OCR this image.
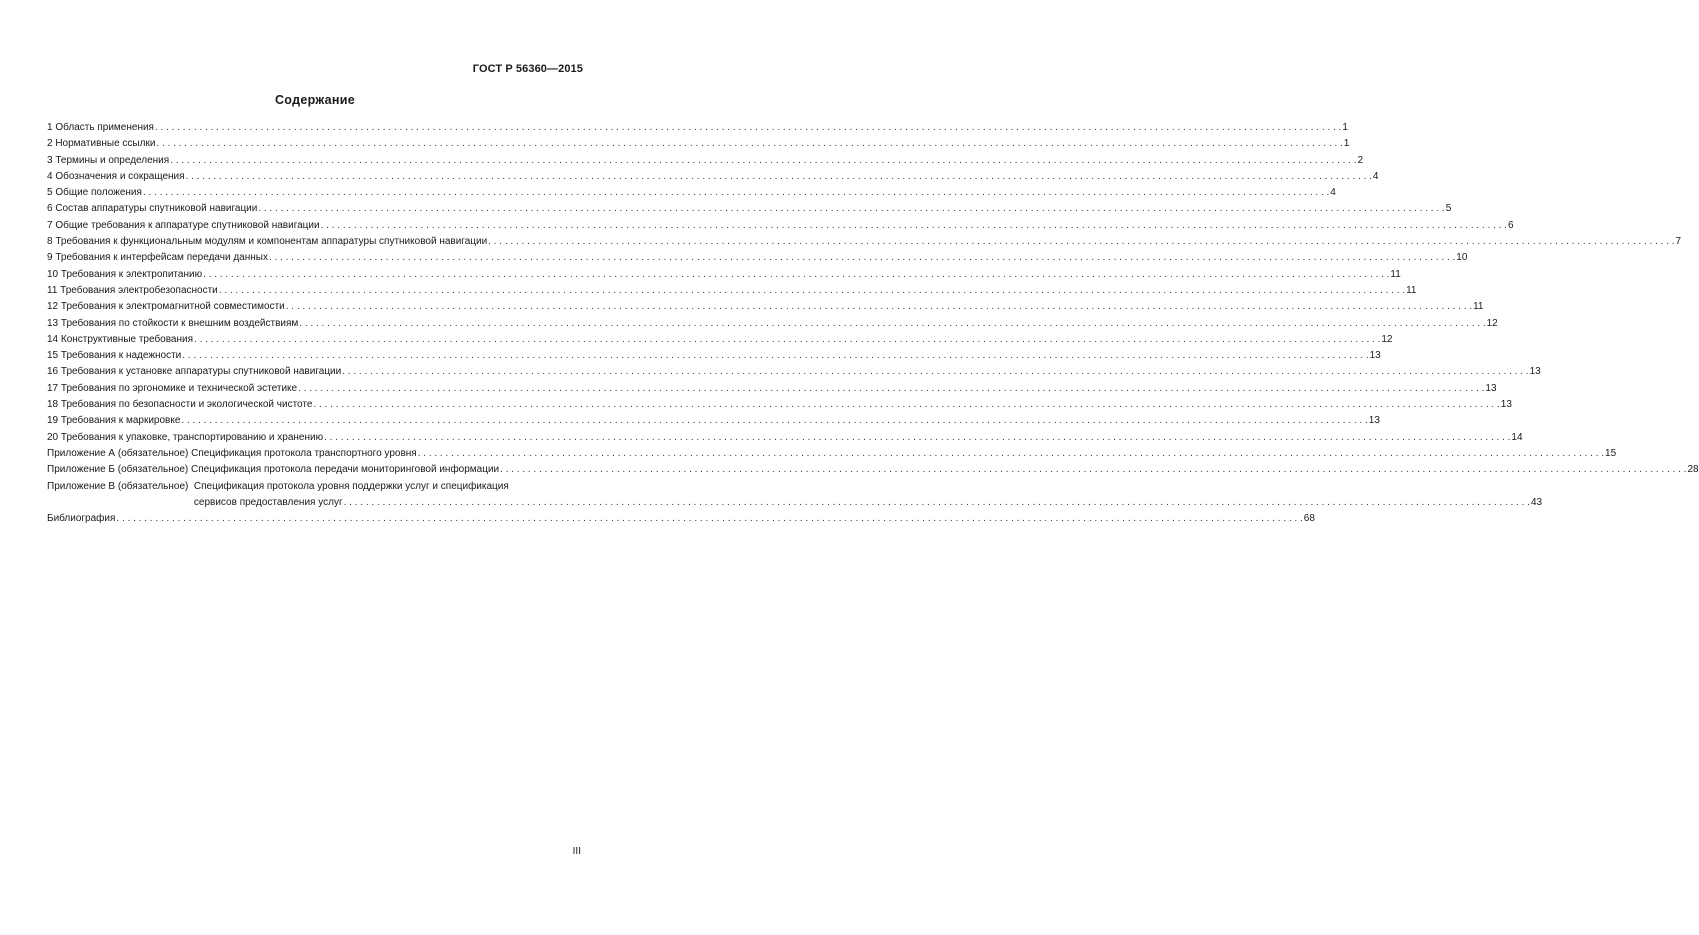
ГОСТ Р 56360—2015
Содержание
1 Область применения . . .	1
2 Нормативные ссылки . . .	1
3 Термины и определения . . .	2
4 Обозначения и сокращения . . .	4
5 Общие положения . . .	4
6 Состав аппаратуры спутниковой навигации . . .	5
7 Общие требования к аппаратуре спутниковой навигации . . .	6
8 Требования к функциональным модулям и компонентам аппаратуры спутниковой навигации . . .	7
9 Требования к интерфейсам передачи данных . . .	10
10 Требования к электропитанию . . .	11
11 Требования электробезопасности . . .	11
12 Требования к электромагнитной совместимости . . .	11
13 Требования по стойкости к внешним воздействиям . . .	12
14 Конструктивные требования . . .	12
15 Требования к надежности . . .	13
16 Требования к установке аппаратуры спутниковой навигации . . .	13
17 Требования по эргономике и технической эстетике . . .	13
18 Требования по безопасности и экологической чистоте . . .	13
19 Требования к маркировке . . .	13
20 Требования к упаковке, транспортированию и хранению . . .	14
Приложение А (обязательное) Спецификация протокола транспортного уровня . . .	15
Приложение Б (обязательное) Спецификация протокола передачи мониторинговой информации . . .	28
Приложение В (обязательное) Спецификация протокола уровня поддержки услуг и спецификация
сервисов предоставления услуг . . .	43
Библиография . . .	68
III
